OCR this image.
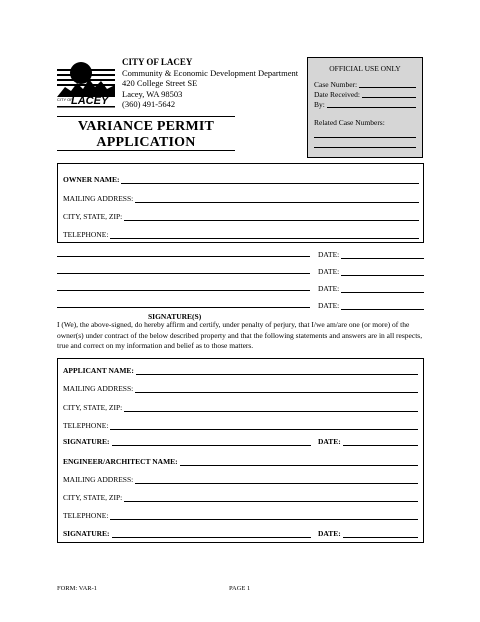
CITY OF
LACEY
CITY OF LACEY
Community & Economic Development Department
420 College Street SE
Lacey, WA 98503
(360) 491-5642
VARIANCE PERMIT
APPLICATION
OFFICIAL USE ONLY
Case Number:
Date Received:
By:
Related Case Numbers:
OWNER NAME:
MAILING ADDRESS:
CITY, STATE, ZIP:
TELEPHONE:
DATE:
DATE:
DATE:
DATE:
SIGNATURE(S)
I (We), the above-signed, do hereby affirm and certify, under penalty of perjury, that I/we am/are one (or more) of the owner(s) under contract of the below described property and that the following statements and answers are in all respects, true and correct on my information and belief as to those matters.
APPLICANT NAME:
MAILING ADDRESS:
CITY, STATE, ZIP:
TELEPHONE:
SIGNATURE:	DATE:
ENGINEER/ARCHITECT NAME:
MAILING ADDRESS:
CITY, STATE, ZIP:
TELEPHONE:
SIGNATURE:	DATE:
FORM: VAR-1	PAGE 1
